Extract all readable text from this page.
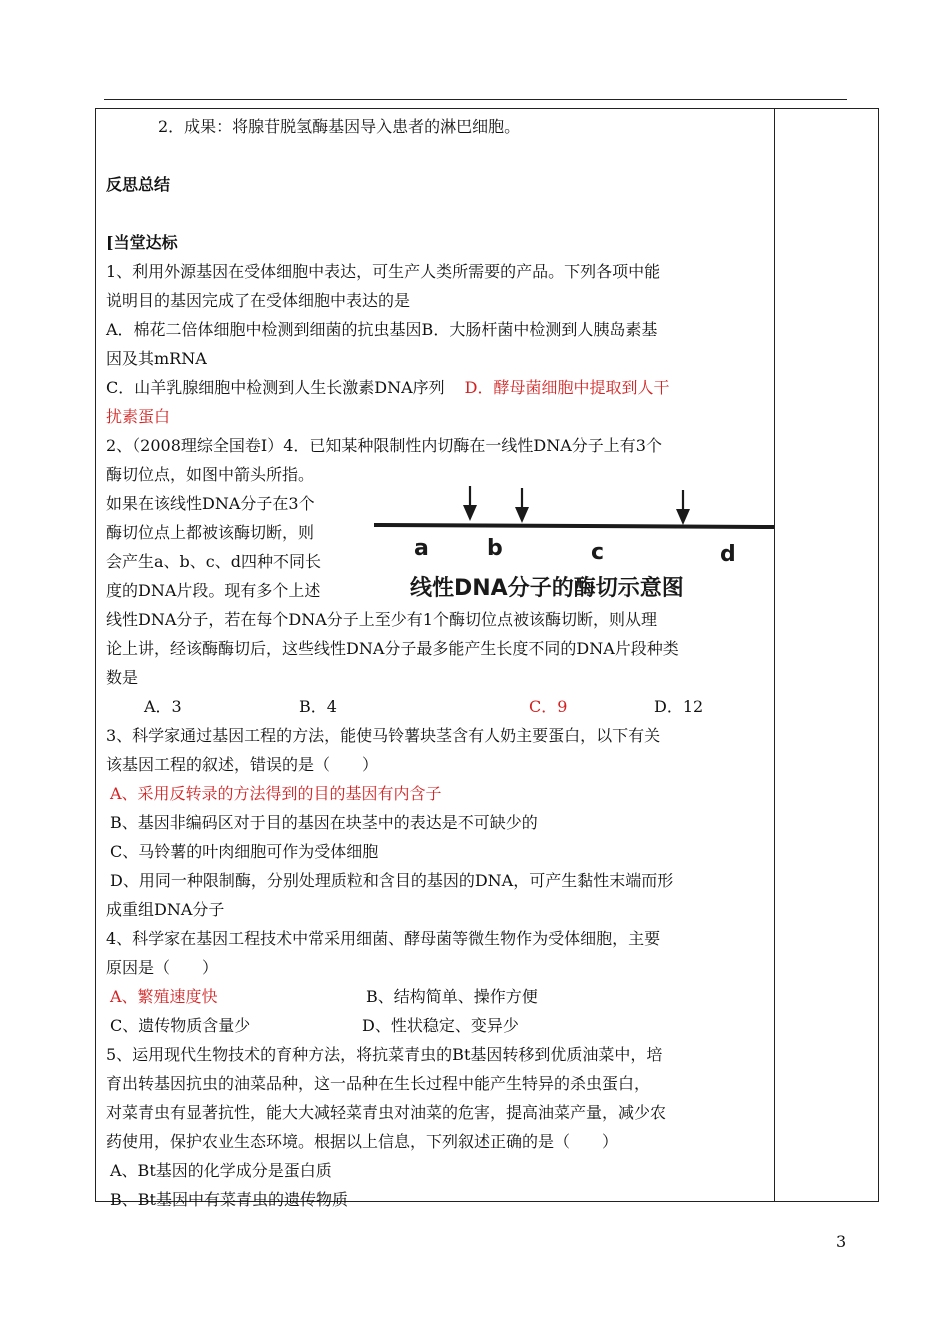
2．成果：将腺苷脱氢酶基因导入患者的淋巴细胞。

反思总结

[当堂达标

1、利用外源基因在受体细胞中表达，可生产人类所需要的产品。下列各项中能

说明目的基因完成了在受体细胞中表达的是

A．棉花二倍体细胞中检测到细菌的抗虫基因B．大肠杆菌中检测到人胰岛素基

因及其mRNA

C．山羊乳腺细胞中检测到人生长激素DNA序列 D．酵母菌细胞中提取到人干

扰素蛋白

2、（2008理综全国卷Ⅰ）4．已知某种限制性内切酶在一线性DNA分子上有3个

酶切位点，如图中箭头所指。

如果在该线性DNA分子在3个

酶切位点上都被该酶切断，则

会产生a、b、c、d四种不同长

度的DNA片段。现有多个上述

a	b	c	d
线性DNA分子的酶切示意图

线性DNA分子，若在每个DNA分子上至少有1个酶切位点被该酶切断，则从理

论上讲，经该酶酶切后，这些线性DNA分子最多能产生长度不同的DNA片段种类

数是

A．3	B．4	C．9	D．12

3、科学家通过基因工程的方法，能使马铃薯块茎含有人奶主要蛋白，以下有关

该基因工程的叙述，错误的是（　　）

A、采用反转录的方法得到的目的基因有内含子

B、基因非编码区对于目的基因在块茎中的表达是不可缺少的

C、马铃薯的叶肉细胞可作为受体细胞

D、用同一种限制酶，分别处理质粒和含目的基因的DNA，可产生黏性末端而形

成重组DNA分子

4、科学家在基因工程技术中常采用细菌、酵母菌等微生物作为受体细胞，主要

原因是（　　）

A、繁殖速度快	B、结构简单、操作方便

C、遗传物质含量少	D、性状稳定、变异少

5、运用现代生物技术的育种方法，将抗菜青虫的Bt基因转移到优质油菜中，培

育出转基因抗虫的油菜品种，这一品种在生长过程中能产生特异的杀虫蛋白，

对菜青虫有显著抗性，能大大减轻菜青虫对油菜的危害，提高油菜产量，减少农

药使用，保护农业生态环境。根据以上信息，下列叙述正确的是（　　）

A、Bt基因的化学成分是蛋白质

B、Bt基因中有菜青虫的遗传物质

3
